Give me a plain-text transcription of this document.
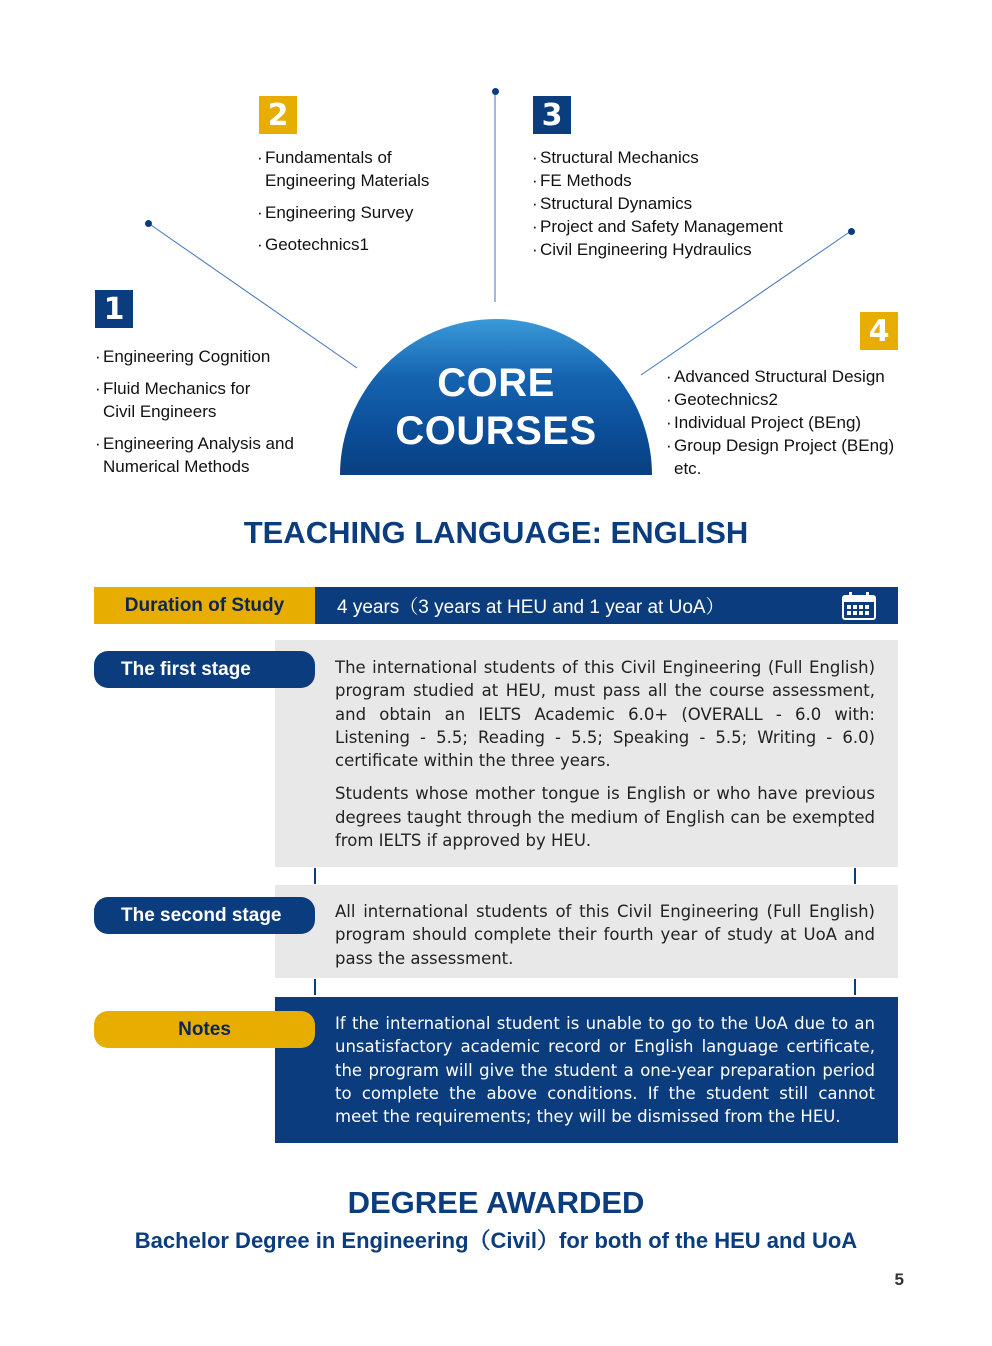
2
· Fundamentals of
Engineering Materials
· Engineering Survey
· Geotechnics1
3
· Structural Mechanics
· FE Methods
· Structural Dynamics
· Project and Safety Management
· Civil Engineering Hydraulics
1
· Engineering Cognition
· Fluid Mechanics for
Civil Engineers
· Engineering Analysis and
Numerical Methods
4
· Advanced Structural Design
· Geotechnics2
· Individual Project (BEng)
· Group Design Project (BEng)
etc.
CORE
COURSES
TEACHING LANGUAGE: ENGLISH
Duration of Study	4 years（3 years at HEU and 1 year at UoA）

The international students of this Civil Engineering (Full English) program studied at HEU, must pass all the course assessment, and obtain an IELTS Academic 6.0+ (OVERALL - 6.0 with: Listening - 5.5; Reading - 5.5; Speaking - 5.5; Writing - 6.0) certificate within the three years.

Students whose mother tongue is English or who have previous degrees taught through the medium of English can be exempted from IELTS if approved by HEU.

The first stage
All international students of this Civil Engineering (Full English) program should complete their fourth year of study at UoA and pass the assessment.
The second stage
If the international student is unable to go to the UoA due to an unsatisfactory academic record or English language certificate, the program will give the student a one-year preparation period to complete the above conditions. If the student still cannot meet the requirements; they will be dismissed from the HEU.
Notes
DEGREE AWARDED
Bachelor Degree in Engineering（Civil）for both of the HEU and UoA
5
